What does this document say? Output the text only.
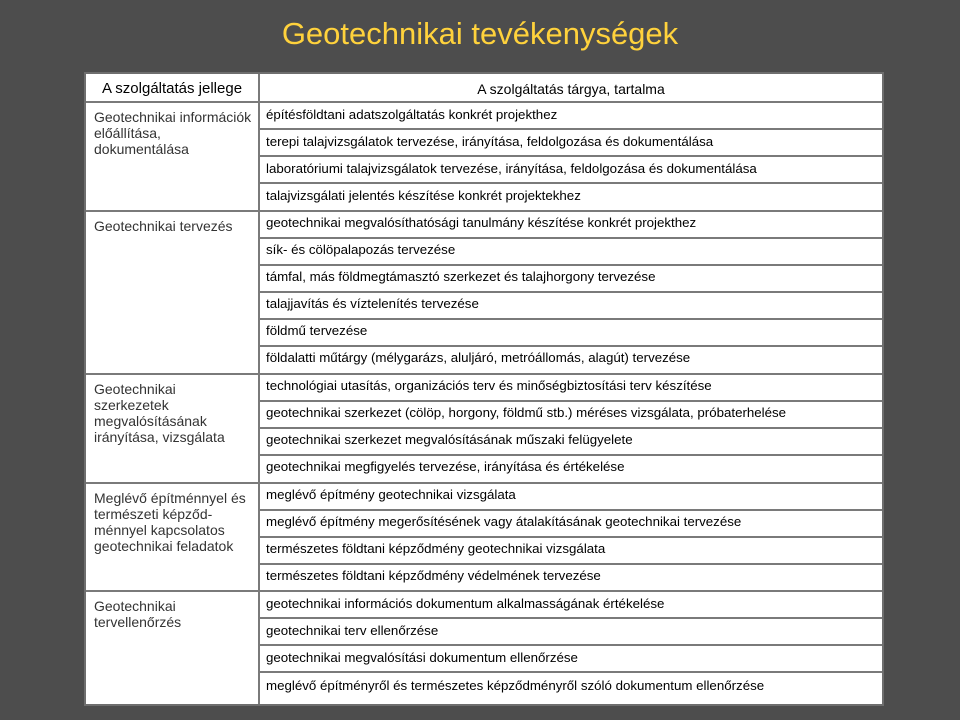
Geotechnikai tevékenységek
A szolgáltatás jellege	A szolgáltatás tárgya, tartalma
Geotechnikai információk előállítása, dokumentálása
Geotechnikai tervezés
Geotechnikai szerkezetek megvalósításának irányítása, vizsgálata
Meglévő építménnyel és természeti képződ-ménnyel kapcsolatos geotechnikai feladatok
Geotechnikai tervellenőrzés
építésföldtani adatszolgáltatás konkrét projekthez
terepi talajvizsgálatok tervezése, irányítása, feldolgozása és dokumentálása
laboratóriumi talajvizsgálatok tervezése, irányítása, feldolgozása és dokumentálása
talajvizsgálati jelentés készítése konkrét projektekhez
geotechnikai megvalósíthatósági tanulmány készítése konkrét projekthez
sík- és cölöpalapozás tervezése
támfal, más földmegtámasztó szerkezet és talajhorgony tervezése
talajjavítás és víztelenítés tervezése
földmű tervezése
földalatti műtárgy (mélygarázs, aluljáró, metróállomás, alagút) tervezése
technológiai utasítás, organizációs terv és minőségbiztosítási terv készítése
geotechnikai szerkezet (cölöp, horgony, földmű stb.) méréses vizsgálata, próbaterhelése
geotechnikai szerkezet megvalósításának műszaki felügyelete
geotechnikai megfigyelés tervezése, irányítása és értékelése
meglévő építmény geotechnikai vizsgálata
meglévő építmény megerősítésének vagy átalakításának geotechnikai tervezése
természetes földtani képződmény geotechnikai vizsgálata
természetes földtani képződmény védelmének tervezése
geotechnikai információs dokumentum alkalmasságának értékelése
geotechnikai terv ellenőrzése
geotechnikai megvalósítási dokumentum ellenőrzése
meglévő építményről és természetes képződményről szóló dokumentum ellenőrzése
